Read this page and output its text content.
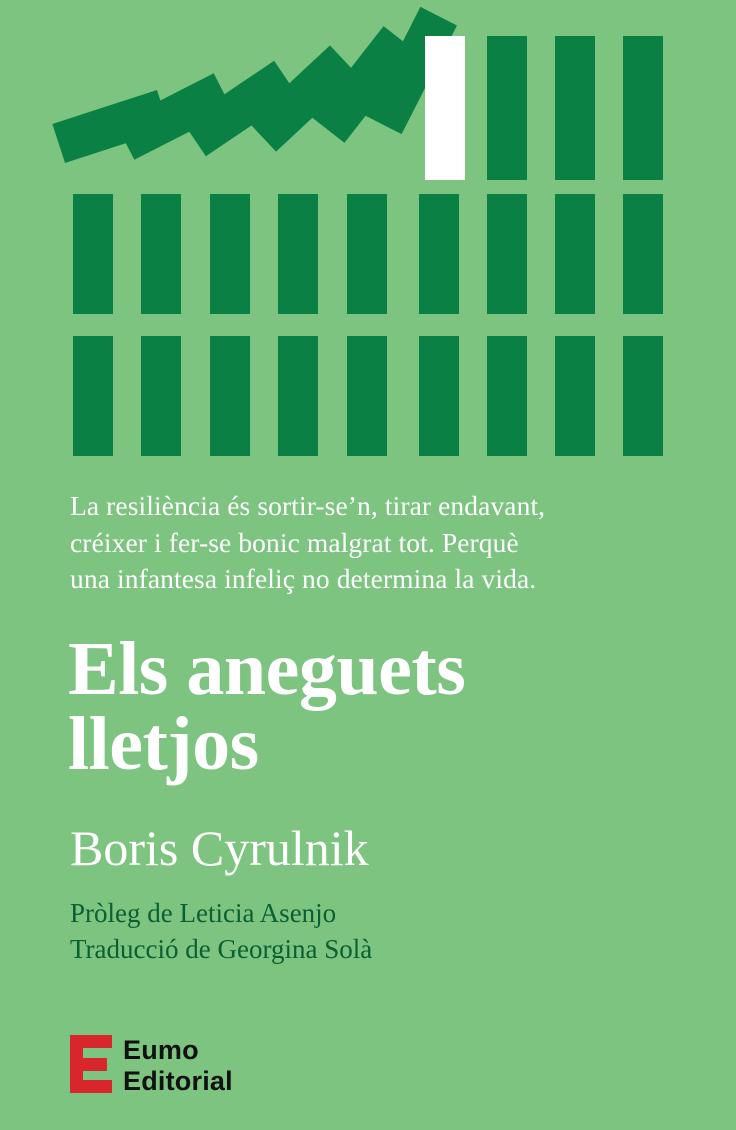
La resiliència és sortir-se’n, tirar endavant,
créixer i fer-se bonic malgrat tot. Perquè
una infantesa infeliç no determina la vida.
Els aneguets
lletjos
Boris Cyrulnik
Pròleg de Leticia Asenjo
Traducció de Georgina Solà
Eumo
Editorial
